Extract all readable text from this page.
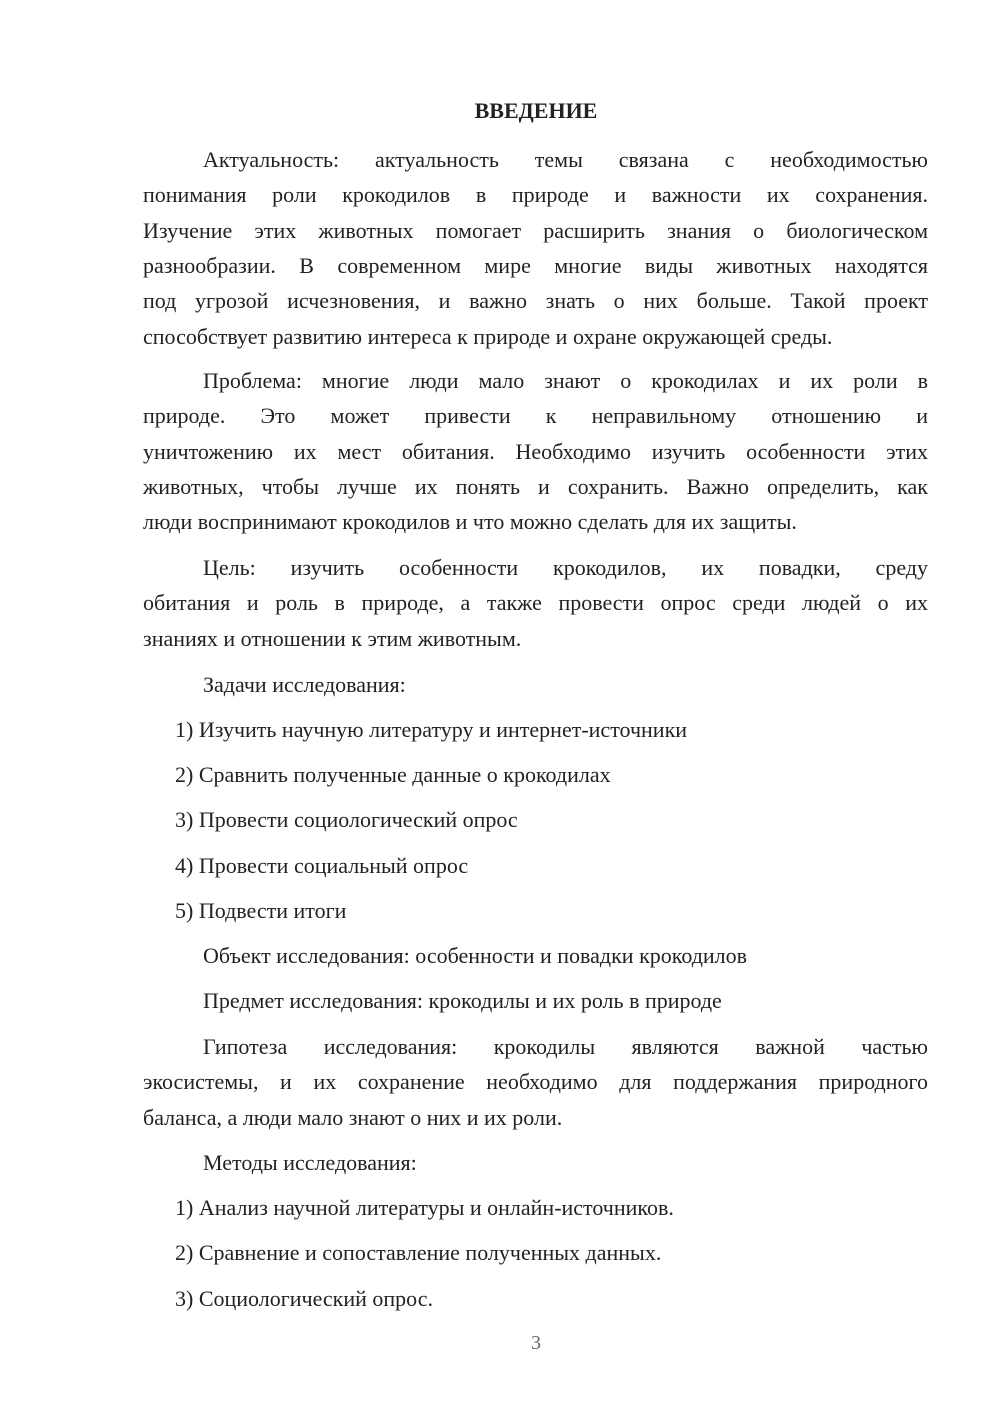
ВВЕДЕНИЕ
Актуальность: актуальность темы связана с необходимостью
понимания роли крокодилов в природе и важности их сохранения.
Изучение этих животных помогает расширить знания о биологическом
разнообразии. В современном мире многие виды животных находятся
под угрозой исчезновения, и важно знать о них больше. Такой проект
способствует развитию интереса к природе и охране окружающей среды.
Проблема: многие люди мало знают о крокодилах и их роли в
природе. Это может привести к неправильному отношению и
уничтожению их мест обитания. Необходимо изучить особенности этих
животных, чтобы лучше их понять и сохранить. Важно определить, как
люди воспринимают крокодилов и что можно сделать для их защиты.
Цель: изучить особенности крокодилов, их повадки, среду
обитания и роль в природе, а также провести опрос среди людей о их
знаниях и отношении к этим животным.
Задачи исследования:
1) Изучить научную литературу и интернет-источники
2) Сравнить полученные данные о крокодилах
3) Провести социологический опрос
4) Провести социальный опрос
5) Подвести итоги
Объект исследования: особенности и повадки крокодилов
Предмет исследования: крокодилы и их роль в природе
Гипотеза исследования: крокодилы являются важной частью
экосистемы, и их сохранение необходимо для поддержания природного
баланса, а люди мало знают о них и их роли.
Методы исследования:
1) Анализ научной литературы и онлайн-источников.
2) Сравнение и сопоставление полученных данных.
3) Социологический опрос.
3
